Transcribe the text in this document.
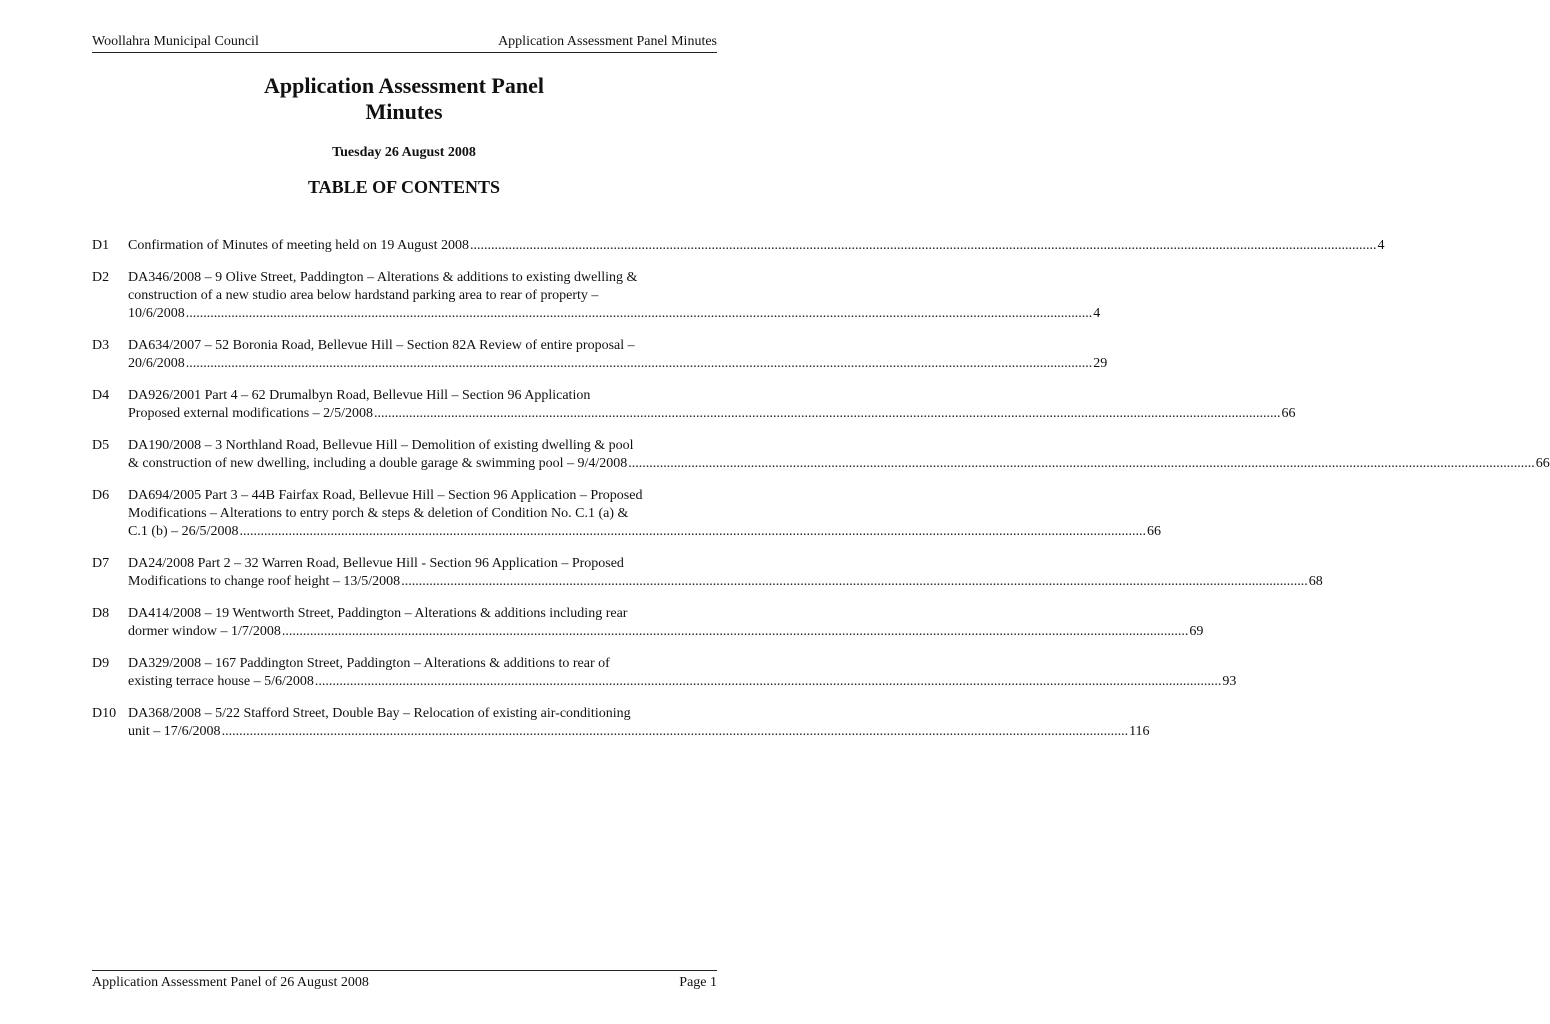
Woollahra Municipal Council	Application Assessment Panel Minutes
Application Assessment Panel
Minutes
Tuesday 26 August 2008
TABLE OF CONTENTS
D1	Confirmation of Minutes of meeting held on 19 August 2008 .....	4
D2	DA346/2008 – 9 Olive Street, Paddington – Alterations & additions to existing dwelling &
construction of a new studio area below hardstand parking area to rear of property –
10/6/2008 .....	4
D3	DA634/2007 – 52 Boronia Road, Bellevue Hill – Section 82A Review of entire proposal –
20/6/2008 .....	29
D4	DA926/2001 Part 4 – 62 Drumalbyn Road, Bellevue Hill – Section 96 Application
Proposed external modifications – 2/5/2008 .....	66
D5	DA190/2008 – 3 Northland Road, Bellevue Hill – Demolition of existing dwelling & pool
& construction of new dwelling, including a double garage & swimming pool – 9/4/2008 .....	66
D6	DA694/2005 Part 3 – 44B Fairfax Road, Bellevue Hill – Section 96 Application – Proposed
Modifications – Alterations to entry porch & steps & deletion of Condition No. C.1 (a) &
C.1 (b) – 26/5/2008 .....	66
D7	DA24/2008 Part 2 – 32 Warren Road, Bellevue Hill - Section 96 Application – Proposed
Modifications to change roof height – 13/5/2008 .....	68
D8	DA414/2008 – 19 Wentworth Street, Paddington – Alterations & additions including rear
dormer window – 1/7/2008 .....	69
D9	DA329/2008 – 167 Paddington Street, Paddington – Alterations & additions to rear of
existing terrace house – 5/6/2008 .....	93
D10 DA368/2008 – 5/22 Stafford Street, Double Bay – Relocation of existing air-conditioning
unit – 17/6/2008 .....	116
Application Assessment Panel of 26 August 2008	Page 1
